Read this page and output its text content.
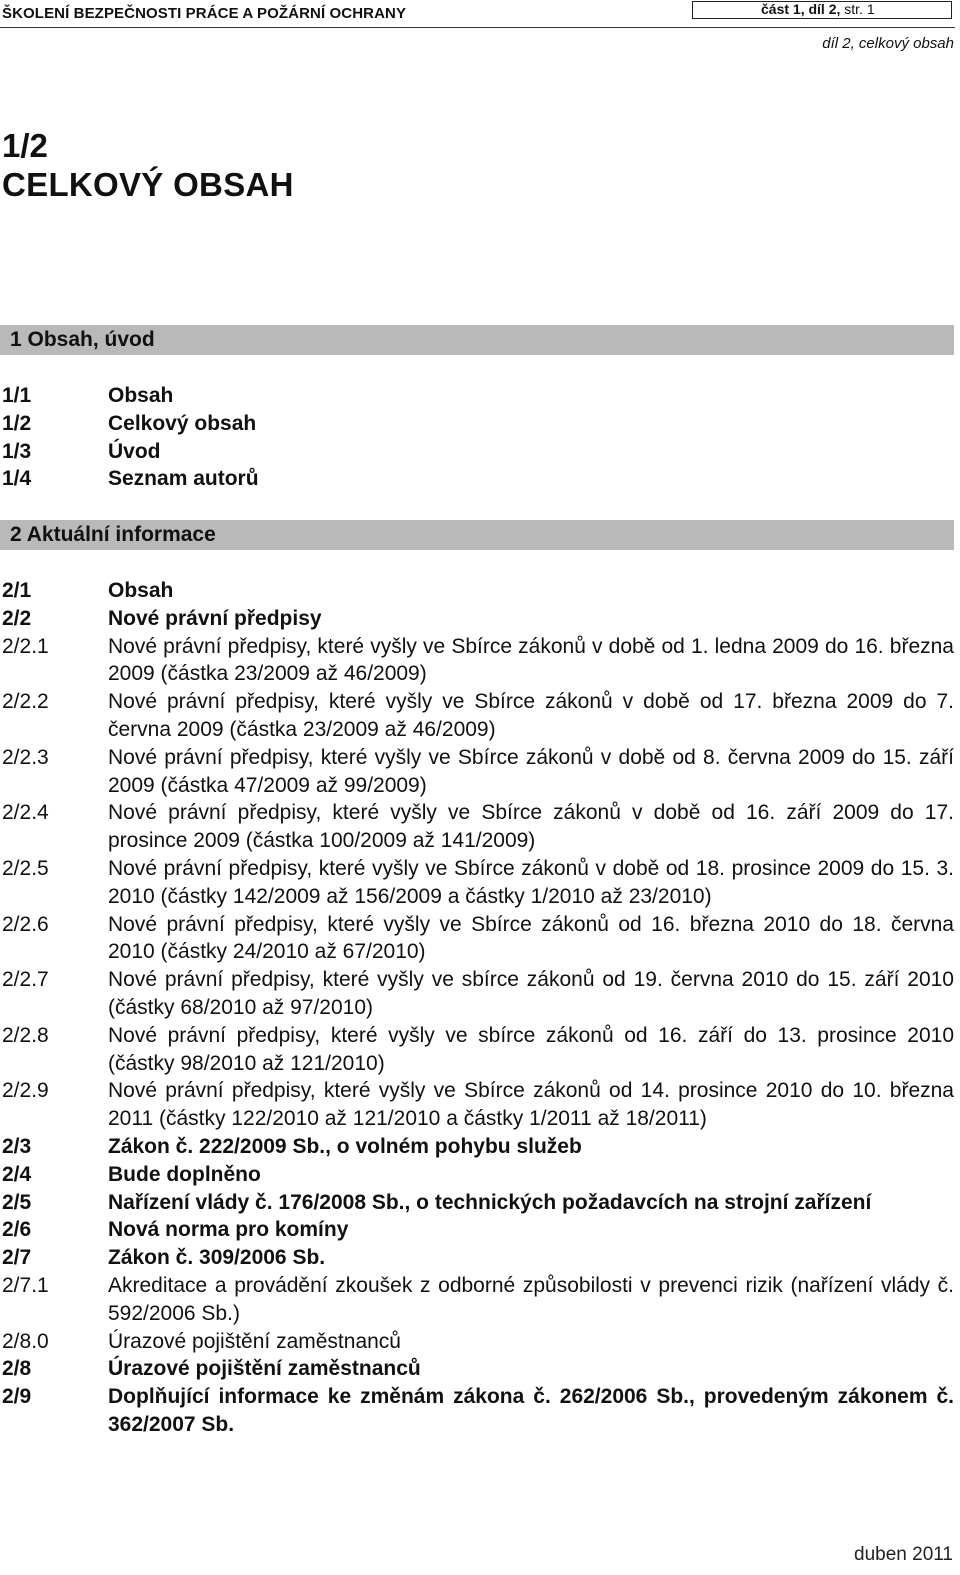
ŠKOLENÍ BEZPEČNOSTI PRÁCE A POŽÁRNÍ OCHRANY	část 1, díl 2, str. 1
díl 2, celkový obsah
1/2
CELKOVÝ OBSAH
1 Obsah, úvod
1/1	Obsah
1/2	Celkový obsah
1/3	Úvod
1/4	Seznam autorů
2 Aktuální informace
2/1	Obsah
2/2	Nové právní předpisy
2/2.1	Nové právní předpisy, které vyšly ve Sbírce zákonů v době od 1. ledna 2009 do 16. března 2009 (částka 23/2009 až 46/2009)
2/2.2	Nové právní předpisy, které vyšly ve Sbírce zákonů v době od 17. března 2009 do 7. června 2009 (částka 23/2009 až 46/2009)
2/2.3	Nové právní předpisy, které vyšly ve Sbírce zákonů v době od 8. června 2009 do 15. září 2009 (částka 47/2009 až 99/2009)
2/2.4	Nové právní předpisy, které vyšly ve Sbírce zákonů v době od 16. září 2009 do 17. prosince 2009 (částka 100/2009 až 141/2009)
2/2.5	Nové právní předpisy, které vyšly ve Sbírce zákonů v době od 18. prosince 2009 do 15. 3. 2010 (částky 142/2009 až 156/2009 a částky 1/2010 až 23/2010)
2/2.6	Nové právní předpisy, které vyšly ve Sbírce zákonů od 16. března 2010 do 18. června 2010 (částky 24/2010 až 67/2010)
2/2.7	Nové právní předpisy, které vyšly ve sbírce zákonů od 19. června 2010 do 15. září 2010 (částky 68/2010 až 97/2010)
2/2.8	Nové právní předpisy, které vyšly ve sbírce zákonů od 16. září do 13. prosince 2010 (částky 98/2010 až 121/2010)
2/2.9	Nové právní předpisy, které vyšly ve Sbírce zákonů od 14. prosince 2010 do 10. března 2011 (částky 122/2010 až 121/2010 a částky 1/2011 až 18/2011)
2/3	Zákon č. 222/2009 Sb., o volném pohybu služeb
2/4	Bude doplněno
2/5	Nařízení vlády č. 176/2008 Sb., o technických požadavcích na strojní zařízení
2/6	Nová norma pro komíny
2/7	Zákon č. 309/2006 Sb.
2/7.1	Akreditace a provádění zkoušek z odborné způsobilosti v prevenci rizik (nařízení vlády č. 592/2006 Sb.)
2/8.0	Úrazové pojištění zaměstnanců
2/8	Úrazové pojištění zaměstnanců
2/9	Doplňující informace ke změnám zákona č. 262/2006 Sb., provedeným zákonem č. 362/2007 Sb.
duben 2011
